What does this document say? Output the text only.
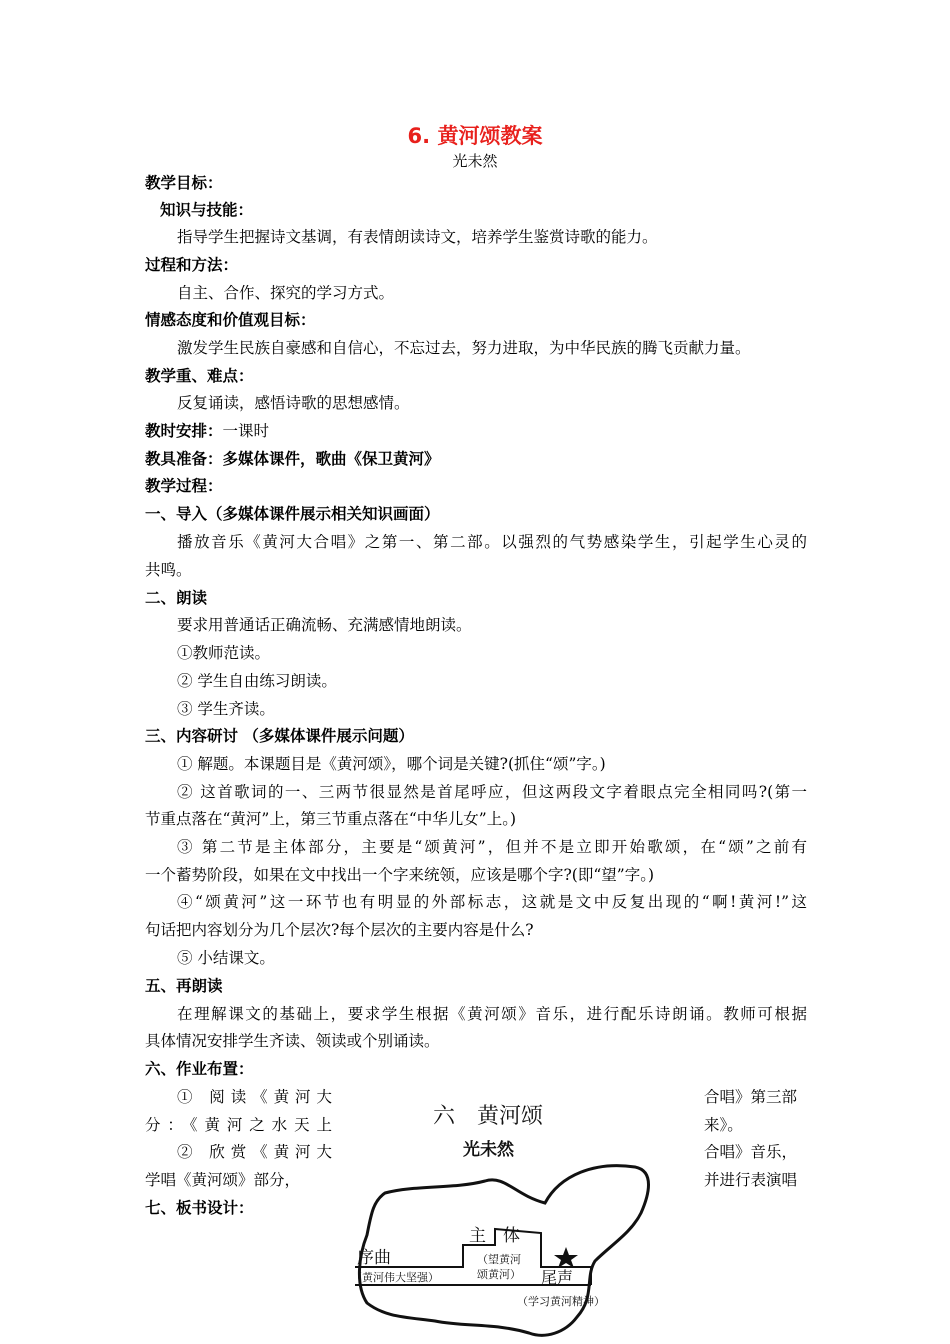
6. 黄河颂教案
光未然
教学目标：
知识与技能：
指导学生把握诗文基调，有表情朗读诗文，培养学生鉴赏诗歌的能力。
过程和方法：
自主、合作、探究的学习方式。
情感态度和价值观目标：
激发学生民族自豪感和自信心，不忘过去，努力进取，为中华民族的腾飞贡献力量。
教学重、难点：
反复诵读，感悟诗歌的思想感情。
教时安排：一课时
教具准备：多媒体课件，歌曲《保卫黄河》
教学过程：
一、导入（多媒体课件展示相关知识画面）
播放音乐《黄河大合唱》之第一、第二部。以强烈的气势感染学生，引起学生心灵的
共鸣。
二、朗读
要求用普通话正确流畅、充满感情地朗读。
①教师范读。
② 学生自由练习朗读。
③ 学生齐读。
三、内容研讨 （多媒体课件展示问题）
① 解题。本课题目是《黄河颂》，哪个词是关键?(抓住“颂”字。)
② 这首歌词的一、三两节很显然是首尾呼应，但这两段文字着眼点完全相同吗?(第一
节重点落在“黄河”上，第三节重点落在“中华儿女”上。)
③ 第二节是主体部分，主要是“颂黄河”，但并不是立即开始歌颂，在“颂”之前有
一个蓄势阶段，如果在文中找出一个字来统领，应该是哪个字?(即“望”字。)
④“颂黄河”这一环节也有明显的外部标志，这就是文中反复出现的“啊!黄河!”这
句话把内容划分为几个层次?每个层次的主要内容是什么?
⑤ 小结课文。
五、再朗读
在理解课文的基础上，要求学生根据《黄河颂》音乐，进行配乐诗朗诵。教师可根据
具体情况安排学生齐读、领读或个别诵读。
六、作业布置：
① 阅读《黄河大
分：《黄河之水天上
② 欣赏《黄河大
学唱《黄河颂》部分，
合唱》第三部
来》。
合唱》音乐，
并进行表演唱
七、板书设计：
六　黄河颂
光未然
序曲
（黄河伟大坚强）
主　体
（望黄河
颂黄河） 尾声
（学习黄河精神）
